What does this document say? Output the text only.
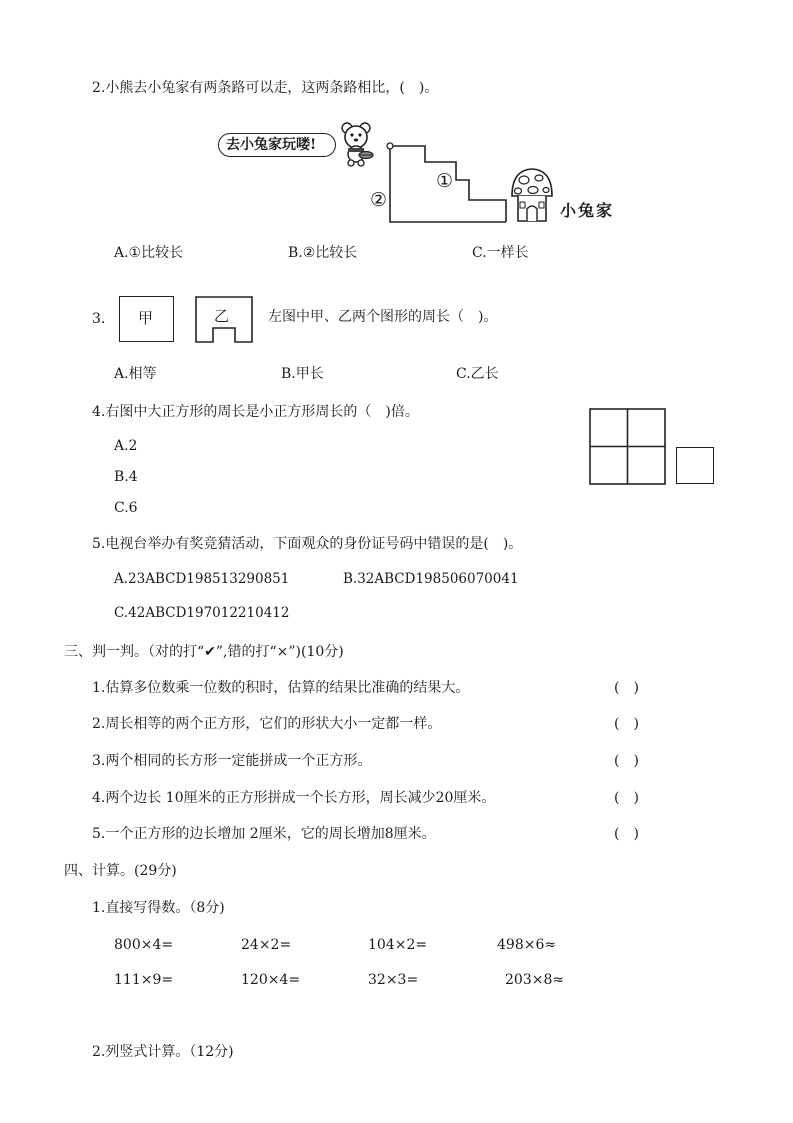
2.小熊去小兔家有两条路可以走，这两条路相比，(　)。
去小兔家玩喽!
①
②	小兔家
A.①比较长	B.②比较长	C.一样长
3. 甲	乙	左图中甲、乙两个图形的周长（　)。
A.相等	B.甲长	C.乙长
4.右图中大正方形的周长是小正方形周长的（　)倍。
A.2
B.4
C.6
5.电视台举办有奖竞猜活动，下面观众的身份证号码中错误的是(　)。
A.23ABCD198513290851	B.32ABCD198506070041
C.42ABCD197012210412
三、判一判。（对的打“✔”,错的打“×”)(10分)
1.估算多位数乘一位数的积时，估算的结果比准确的结果大。	(　)
2.周长相等的两个正方形，它们的形状大小一定都一样。	(　)
3.两个相同的长方形一定能拼成一个正方形。	(　)
4.两个边长 10厘米的正方形拼成一个长方形，周长减少20厘米。	(　)
5.一个正方形的边长增加 2厘米，它的周长增加8厘米。	(　)
四、计算。(29分)
1.直接写得数。（8分)
800×4=	24×2=	104×2=	498×6≈
111×9=	120×4=	32×3=	203×8≈
2.列竖式计算。（12分)
